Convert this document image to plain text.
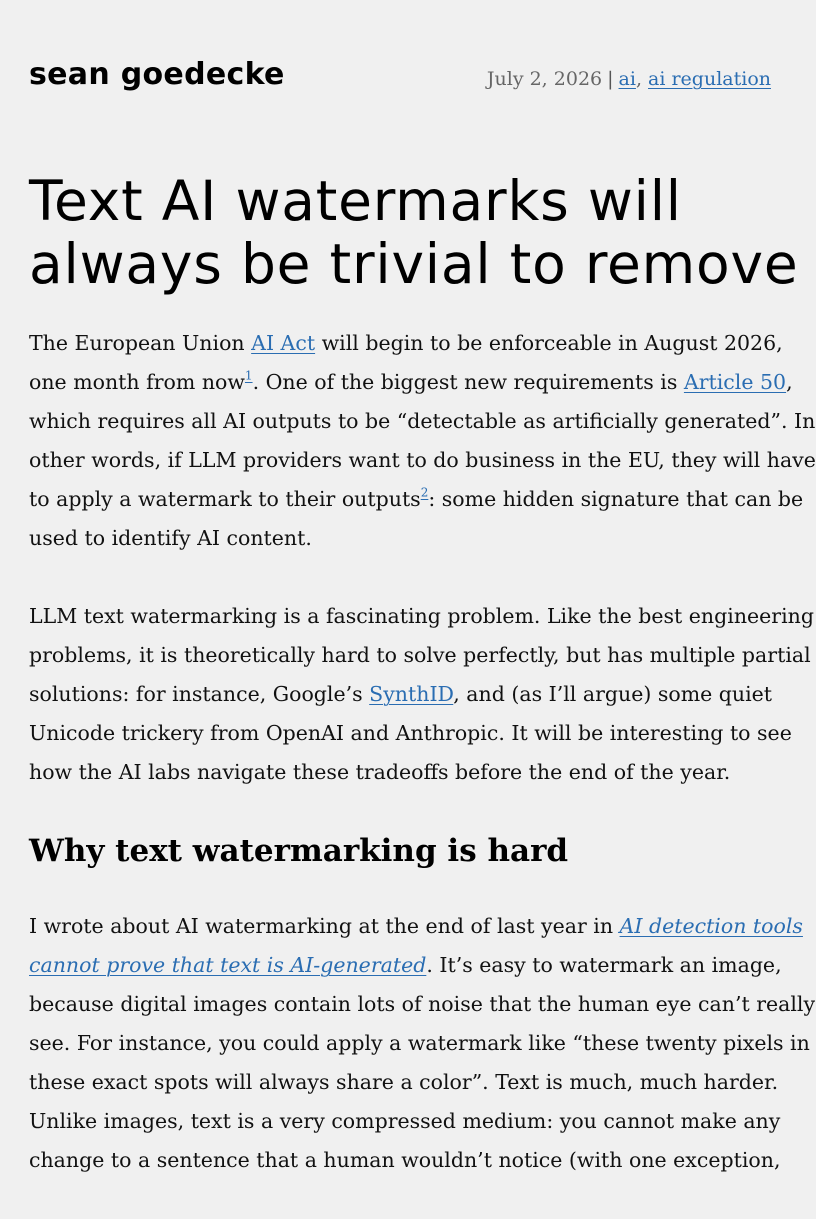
sean goedecke	July 2, 2026 | ai, ai regulation
Text AI watermarks will
always be trivial to remove

The European Union AI Act will begin to be enforceable in August 2026,
one month from now$^1$. One of the biggest new requirements is Article 50,
which requires all AI outputs to be “detectable as artificially generated”. In
other words, if LLM providers want to do business in the EU, they will have
to apply a watermark to their outputs$^2$: some hidden signature that can be
used to identify AI content.

LLM text watermarking is a fascinating problem. Like the best engineering
problems, it is theoretically hard to solve perfectly, but has multiple partial
solutions: for instance, Google’s SynthID, and (as I’ll argue) some quiet
Unicode trickery from OpenAI and Anthropic. It will be interesting to see
how the AI labs navigate these tradeoffs before the end of the year.

Why text watermarking is hard

I wrote about AI watermarking at the end of last year in AI detection tools
cannot prove that text is AI-generated. It’s easy to watermark an image,
because digital images contain lots of noise that the human eye can’t really
see. For instance, you could apply a watermark like “these twenty pixels in
these exact spots will always share a color”. Text is much, much harder.
Unlike images, text is a very compressed medium: you cannot make any
change to a sentence that a human wouldn’t notice (with one exception,
